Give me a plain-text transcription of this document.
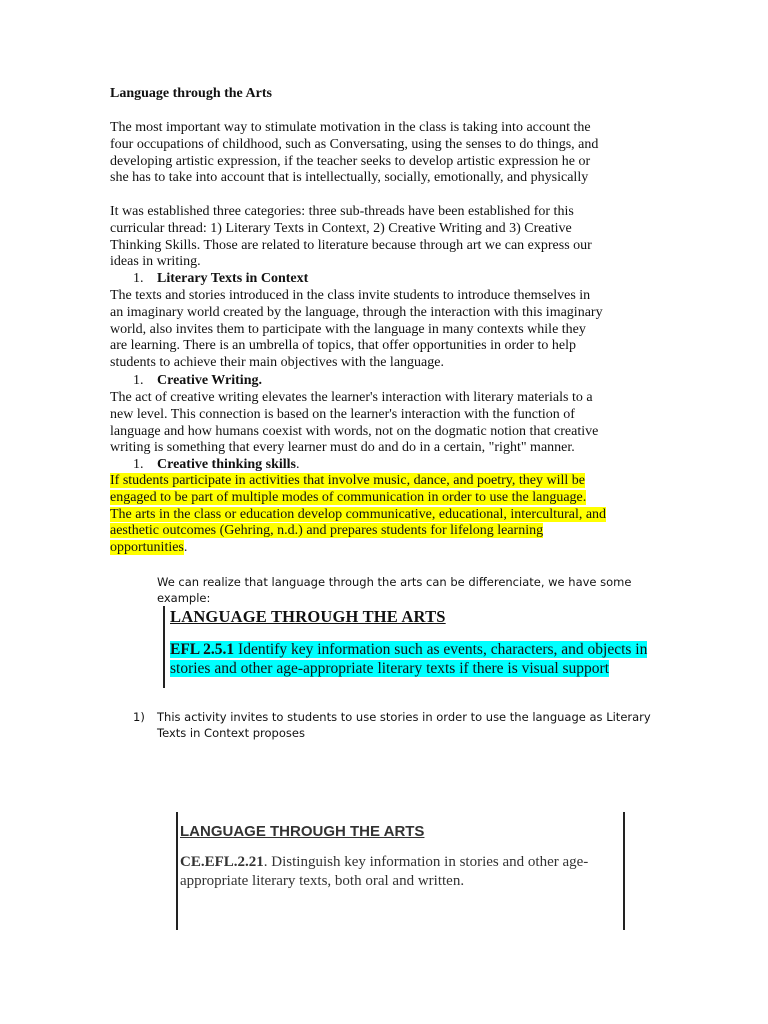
Language through the Arts
The most important way to stimulate motivation in the class is taking into account the
four occupations of childhood, such as Conversating, using the senses to do things, and
developing artistic expression, if the teacher seeks to develop artistic expression he or
she has to take into account that is intellectually, socially, emotionally, and physically
It was established three categories: three sub-threads have been established for this
curricular thread: 1) Literary Texts in Context, 2) Creative Writing and 3) Creative
Thinking Skills. Those are related to literature because through art we can express our
ideas in writing.
1. Literary Texts in Context
The texts and stories introduced in the class invite students to introduce themselves in
an imaginary world created by the language, through the interaction with this imaginary
world, also invites them to participate with the language in many contexts while they
are learning. There is an umbrella of topics, that offer opportunities in order to help
students to achieve their main objectives with the language.
1. Creative Writing.
The act of creative writing elevates the learner's interaction with literary materials to a
new level. This connection is based on the learner's interaction with the function of
language and how humans coexist with words, not on the dogmatic notion that creative
writing is something that every learner must do and do in a certain, "right" manner.
1. Creative thinking skills.
If students participate in activities that involve music, dance, and poetry, they will be
engaged to be part of multiple modes of communication in order to use the language.
The arts in the class or education develop communicative, educational, intercultural, and
aesthetic outcomes (Gehring, n.d.) and prepares students for lifelong learning
opportunities.
We can realize that language through the arts can be differenciate, we have some
example:
LANGUAGE THROUGH THE ARTS
EFL 2.5.1 Identify key information such as events, characters, and objects in
stories and other age-appropriate literary texts if there is visual support
1) This activity invites to students to use stories in order to use the language as Literary
Texts in Context proposes
LANGUAGE THROUGH THE ARTS
CE.EFL.2.21. Distinguish key information in stories and other age-
appropriate literary texts, both oral and written.
